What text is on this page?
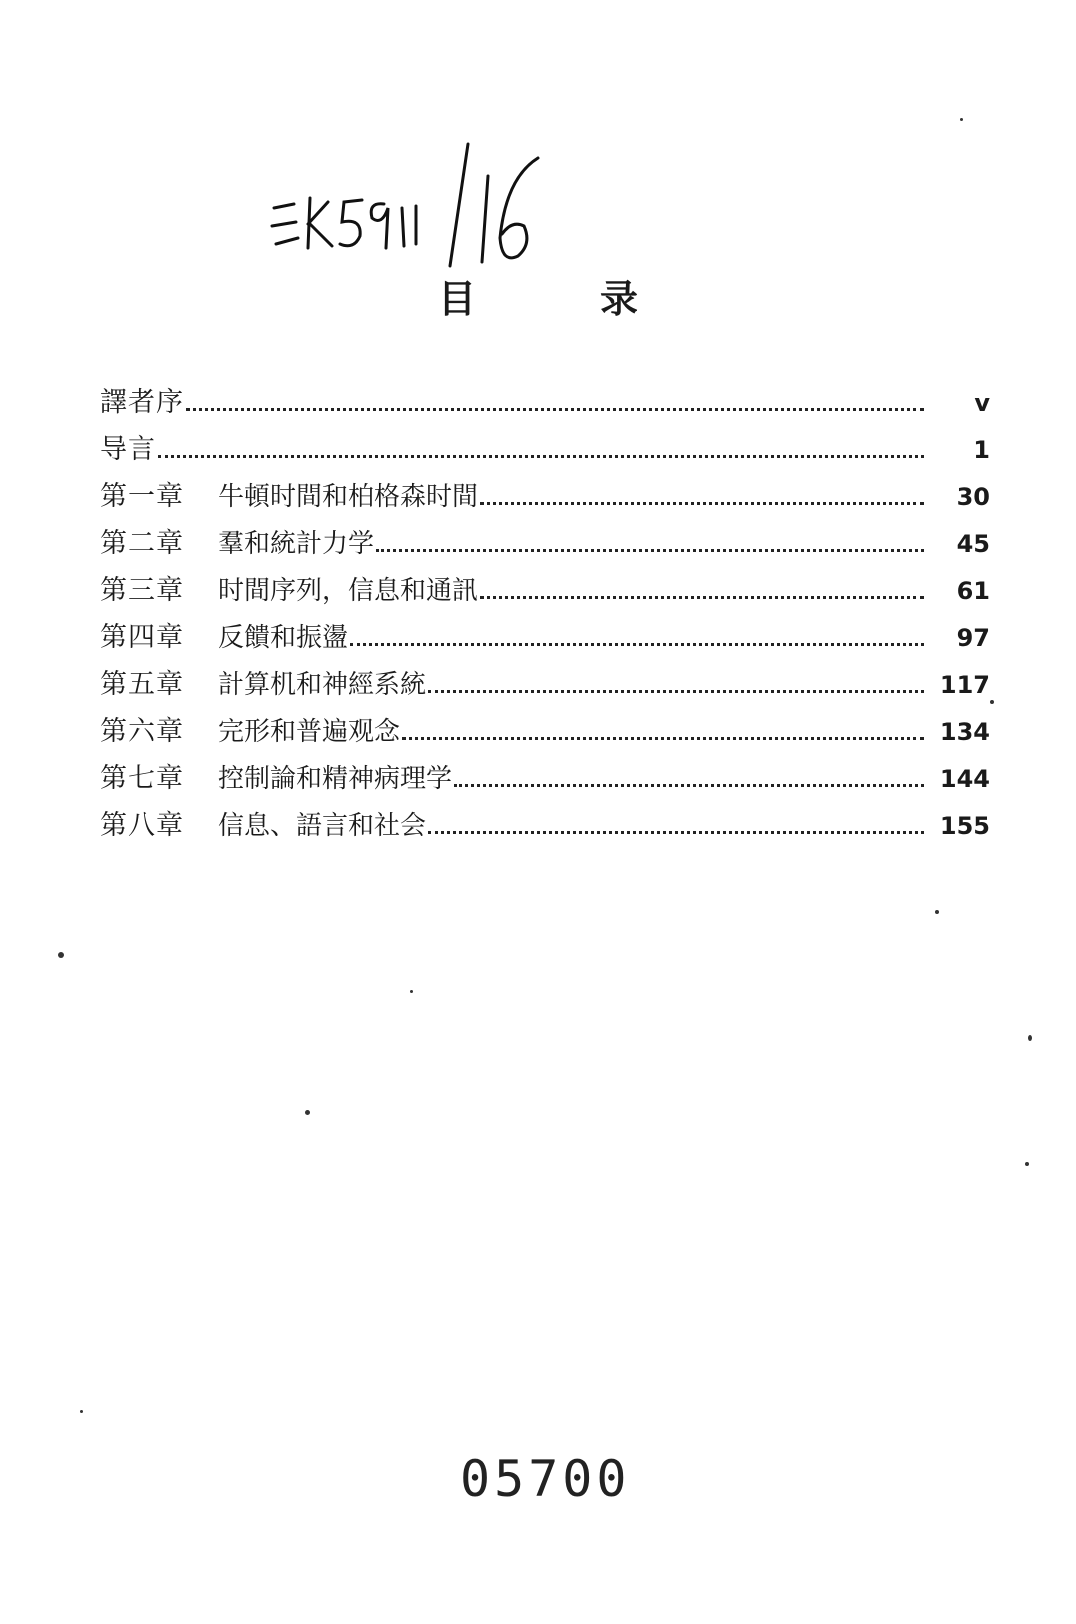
目	录
譯者序	v
导言	1
第一章	牛頓时間和柏格森时間	30
第二章	羣和統計力学	45
第三章	时間序列，信息和通訊	61
第四章	反饋和振盪	97
第五章	計算机和神經系統	117
第六章	完形和普遍观念	134
第七章	控制論和精神病理学	144
第八章	信息、語言和社会	155
05700
